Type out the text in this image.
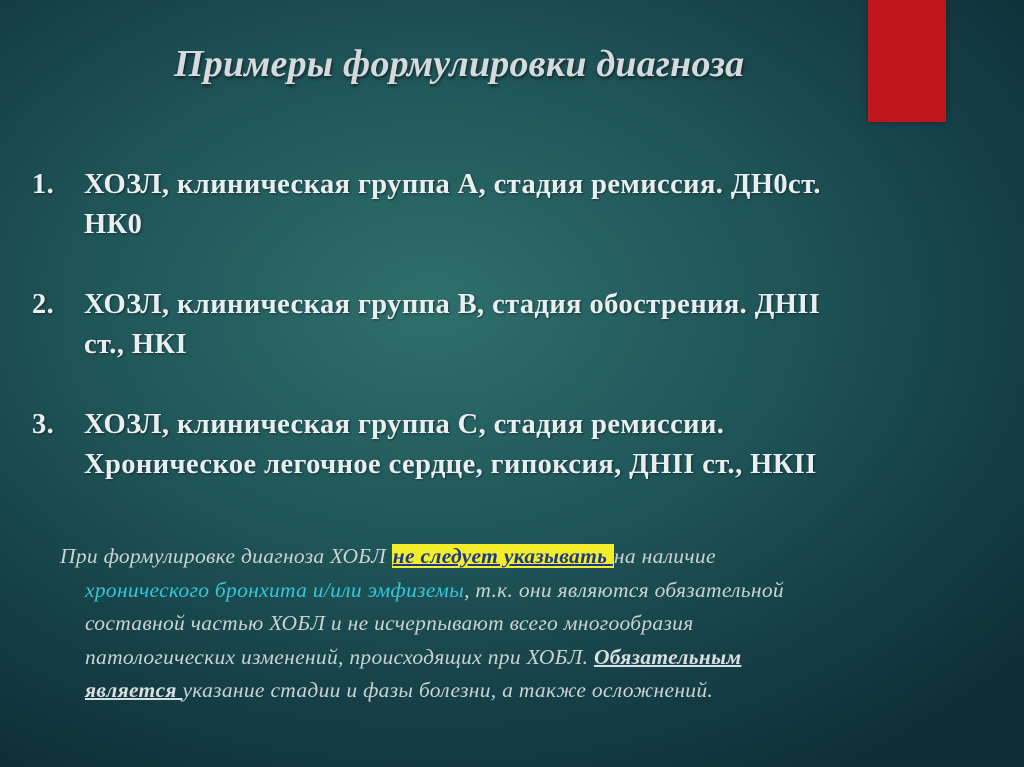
Примеры формулировки диагноза
1. ХОЗЛ, клиническая группа А, стадия ремиссия. ДН0ст.
НК0
2. ХОЗЛ, клиническая группа В, стадия обострения. ДНІІ
ст., НКІ
3. ХОЗЛ, клиническая группа С, стадия ремиссии.
Хроническое легочное сердце, гипоксия, ДНІІ ст., НКІІ
При формулировке диагноза ХОБЛ не следует указывать на наличие
хронического бронхита и/или эмфиземы, т.к. они являются обязательной
составной частью ХОБЛ и не исчерпывают всего многообразия
патологических изменений, происходящих при ХОБЛ. Обязательным
является указание стадии и фазы болезни, а также осложнений.
